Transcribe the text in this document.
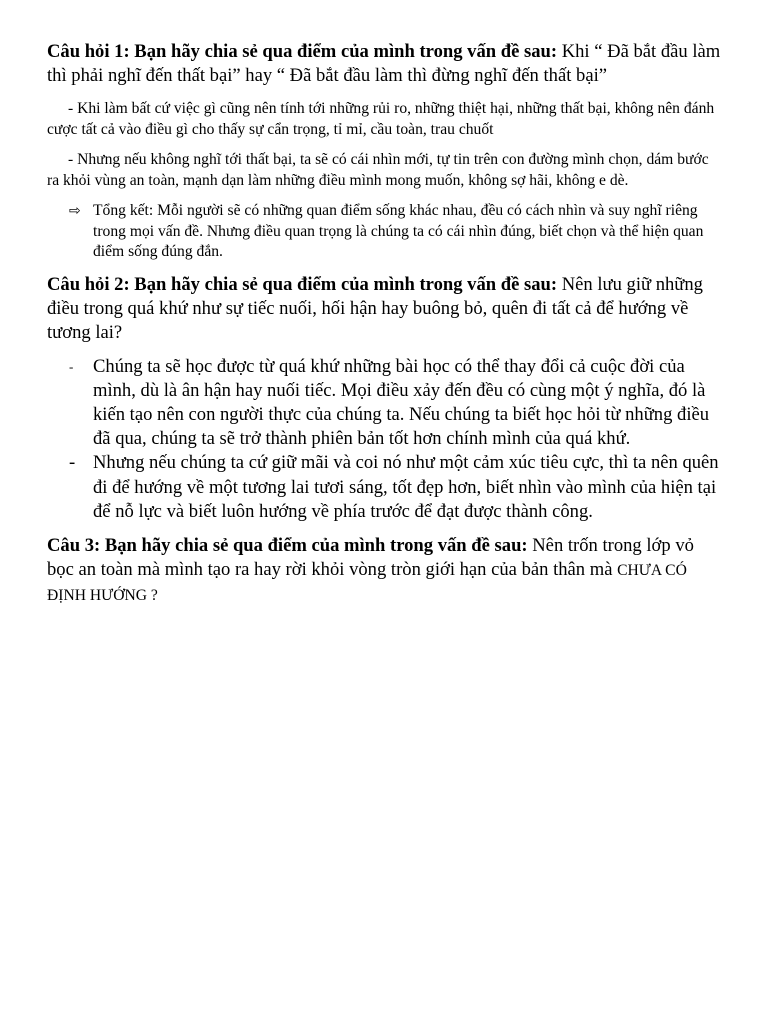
Câu hỏi 1: Bạn hãy chia sẻ qua điểm của mình trong vấn đề sau: Khi “ Đã bắt đầu làm thì phải nghĩ đến thất bại” hay “ Đã bắt đầu làm thì đừng nghĩ đến thất bại”

- Khi làm bất cứ việc gì cũng nên tính tới những rủi ro, những thiệt hại, những thất bại, không nên đánh cược tất cả vào điều gì cho thấy sự cẩn trọng, tỉ mỉ, cầu toàn, trau chuốt

- Nhưng nếu không nghĩ tới thất bại, ta sẽ có cái nhìn mới, tự tin trên con đường mình chọn, dám bước ra khỏi vùng an toàn, mạnh dạn làm những điều mình mong muốn, không sợ hãi, không e dè.

⇨ Tổng kết: Mỗi người sẽ có những quan điểm sống khác nhau, đều có cách nhìn và suy nghĩ riêng trong mọi vấn đề. Nhưng điều quan trọng là chúng ta có cái nhìn đúng, biết chọn và thể hiện quan điểm sống đúng đắn.

Câu hỏi 2: Bạn hãy chia sẻ qua điểm của mình trong vấn đề sau: Nên lưu giữ những điều trong quá khứ như sự tiếc nuối, hối hận hay buông bỏ, quên đi tất cả để hướng về tương lai?

-	Chúng ta sẽ học được từ quá khứ những bài học có thể thay đổi cả cuộc đời của mình, dù là ân hận hay nuối tiếc. Mọi điều xảy đến đều có cùng một ý nghĩa, đó là kiến tạo nên con người thực của chúng ta. Nếu chúng ta biết học hỏi từ những điều đã qua, chúng ta sẽ trở thành phiên bản tốt hơn chính mình của quá khứ.
- Nhưng nếu chúng ta cứ giữ mãi và coi nó như một cảm xúc tiêu cực, thì ta nên quên đi để hướng về một tương lai tươi sáng, tốt đẹp hơn, biết nhìn vào mình của hiện tại để nỗ lực và biết luôn hướng về phía trước để đạt được thành công.

Câu 3: Bạn hãy chia sẻ qua điểm của mình trong vấn đề sau: Nên trốn trong lớp vỏ bọc an toàn mà mình tạo ra hay rời khỏi vòng tròn giới hạn của bản thân mà CHƯA CÓ ĐỊNH HƯỚNG ?
